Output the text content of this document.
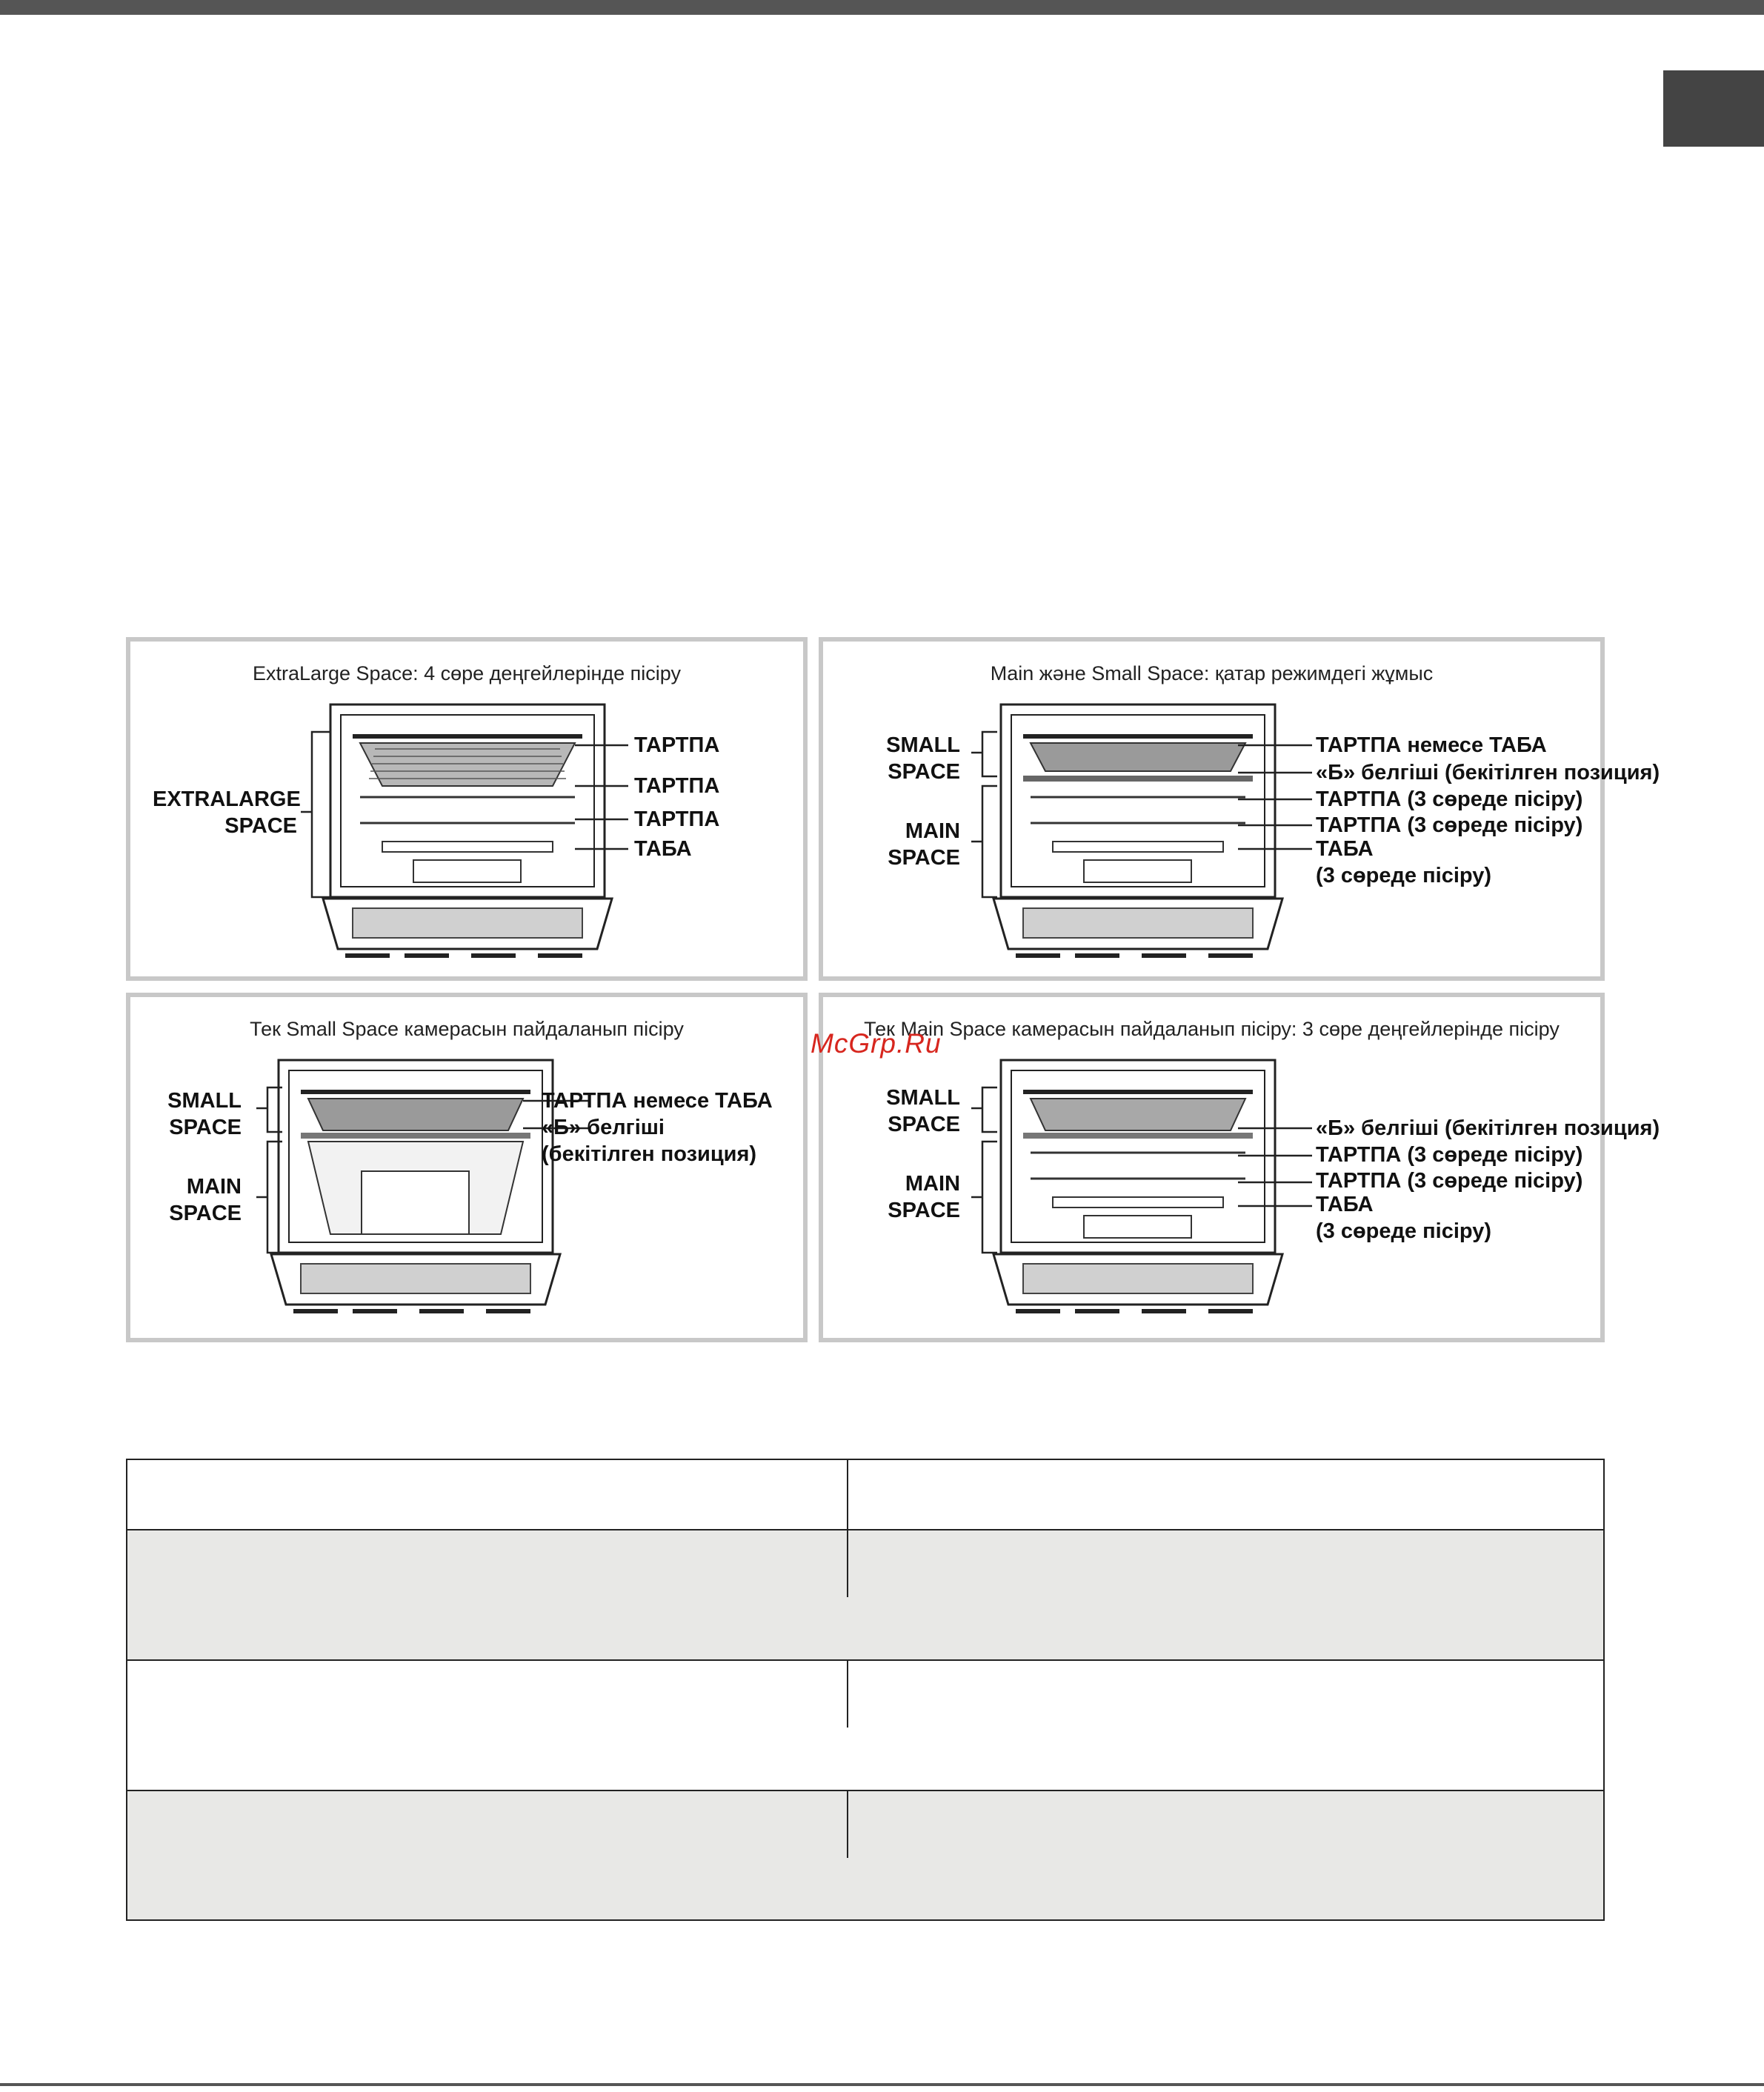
ExtraLarge Space: 4 сөре деңгейлерінде пісіру
EXTRALARGE
SPACE
ТАРТПА
ТАРТПА
ТАРТПА
ТАБА
Main және Small Space: қатар режимдегі жұмыс
SMALL
SPACE
MAIN
SPACE
ТАРТПА немесе ТАБА
«Б» белгіші (бекітілген позиция)
ТАРТПА (3 сөреде пісіру)
ТАРТПА (3 сөреде пісіру)
ТАБА
(3 сөреде пісіру)
Тек Small Space камерасын пайдаланып пісіру
SMALL
SPACE
MAIN
SPACE
ТАРТПА немесе ТАБА
«Б» белгіші
(бекітілген позиция)
Тек Main Space камерасын пайдаланып пісіру: 3 сөре деңгейлерінде пісіру
SMALL
SPACE
MAIN
SPACE
«Б» белгіші (бекітілген позиция)
ТАРТПА (3 сөреде пісіру)
ТАРТПА (3 сөреде пісіру)
ТАБА
(3 сөреде пісіру)
McGrp.Ru
